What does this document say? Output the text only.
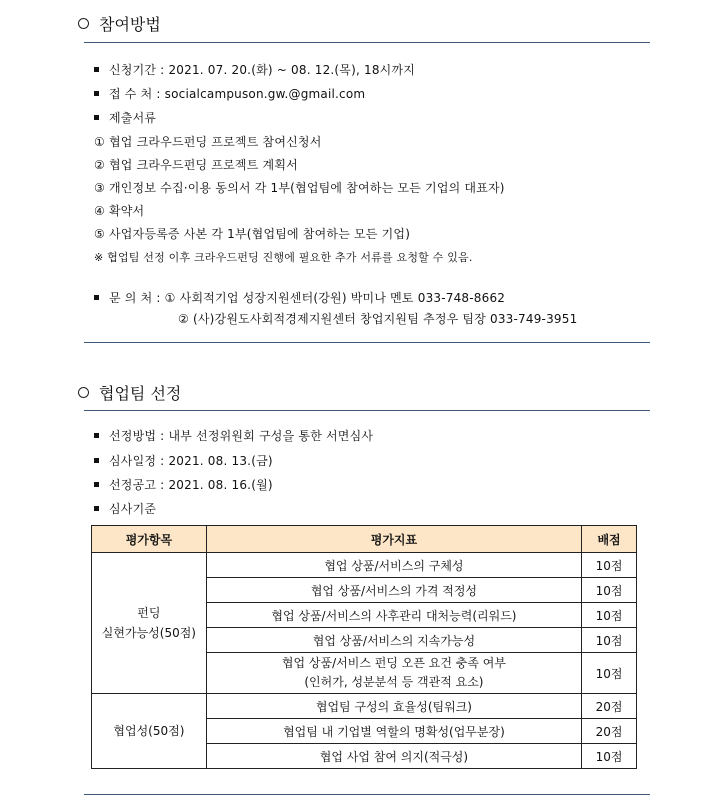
참여방법
신청기간 : 2021. 07. 20.(화) ~ 08. 12.(목), 18시까지
접 수 처 : socialcampuson.gw.@gmail.com
제출서류
① 협업 크라우드펀딩 프로젝트 참여신청서
② 협업 크라우드펀딩 프로젝트 계획서
③ 개인정보 수집·이용 동의서 각 1부(협업팀에 참여하는 모든 기업의 대표자)
④ 확약서
⑤ 사업자등록증 사본 각 1부(협업팀에 참여하는 모든 기업)
※ 협업팀 선정 이후 크라우드펀딩 진행에 필요한 추가 서류를 요청할 수 있음.
문 의 처 : ① 사회적기업 성장지원센터(강원) 박미나 멘토 033-748-8662
② (사)강원도사회적경제지원센터 창업지원팀 추정우 팀장 033-749-3951
협업팀 선정
선정방법 : 내부 선정위원회 구성을 통한 서면심사
심사일정 : 2021. 08. 13.(금)
선정공고 : 2021. 08. 16.(월)
심사기준
평가항목	평가지표	배점

펀딩
실현가능성(50점)	협업 상품/서비스의 구체성	10점
	협업 상품/서비스의 가격 적정성	10점
	협업 상품/서비스의 사후관리 대처능력(리워드)	10점
	협업 상품/서비스의 지속가능성	10점

	협업 상품/서비스 펀딩 오픈 요건 충족 여부
(인허가, 성분분석 등 객관적 요소)	10점
협업성(50점)	협업팀 구성의 효율성(팀워크)	20점
	협업팀 내 기업별 역할의 명확성(업무분장)	20점
	협업 사업 참여 의지(적극성)	10점
